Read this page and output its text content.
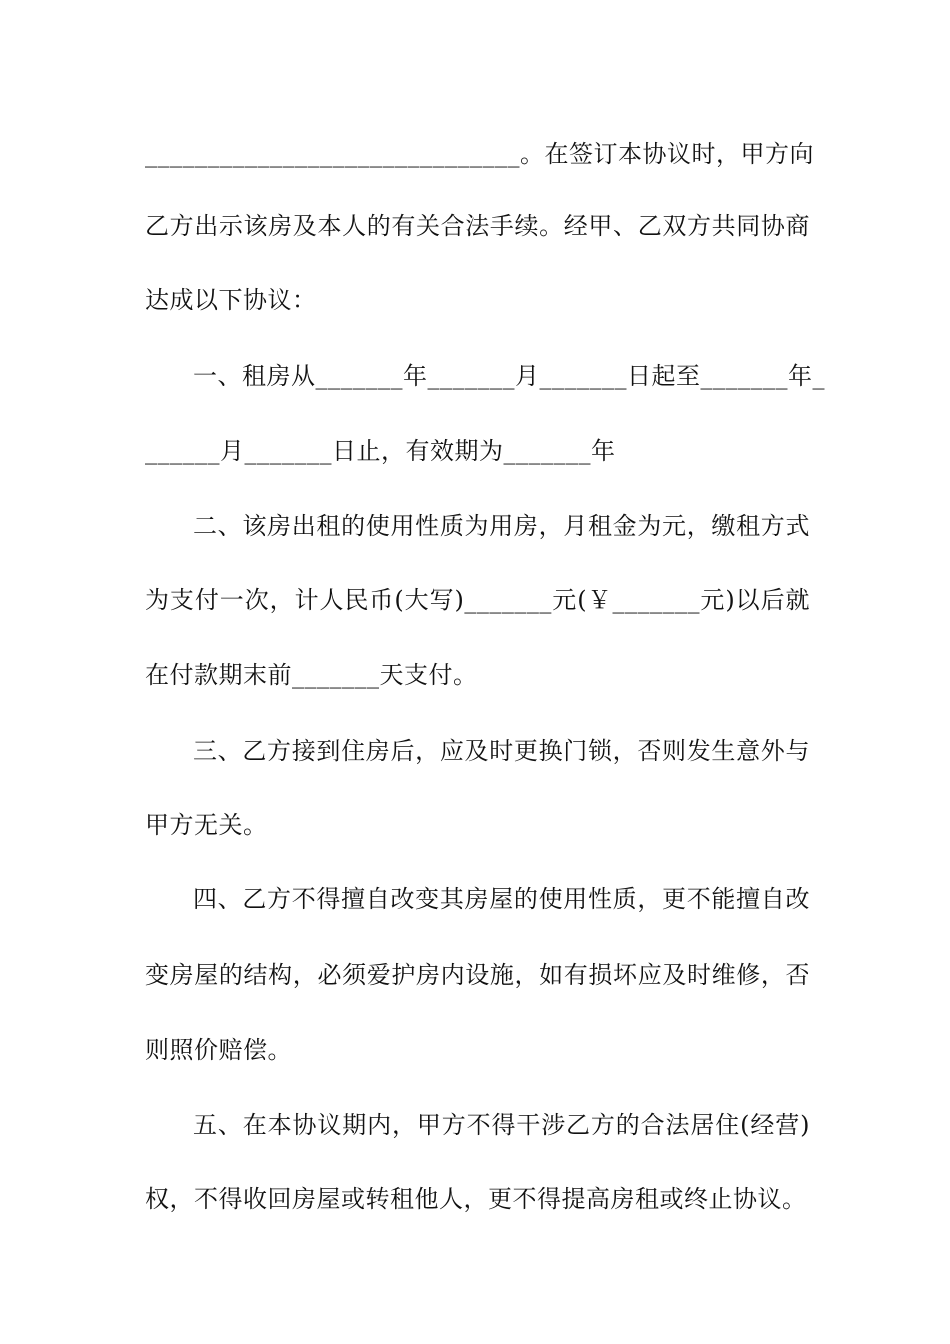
______________________________。在签订本协议时，甲方向
乙方出示该房及本人的有关合法手续。经甲、乙双方共同协商
达成以下协议：
一、租房从_______年_______月_______日起至_______年_
______月_______日止，有效期为_______年
二、该房出租的使用性质为用房，月租金为元，缴租方式
为支付一次，计人民币(大写)_______元(￥_______元)以后就
在付款期末前_______天支付。
三、乙方接到住房后，应及时更换门锁，否则发生意外与
甲方无关。
四、乙方不得擅自改变其房屋的使用性质，更不能擅自改
变房屋的结构，必须爱护房内设施，如有损坏应及时维修，否
则照价赔偿。
五、在本协议期内，甲方不得干涉乙方的合法居住(经营)
权，不得收回房屋或转租他人，更不得提高房租或终止协议。
